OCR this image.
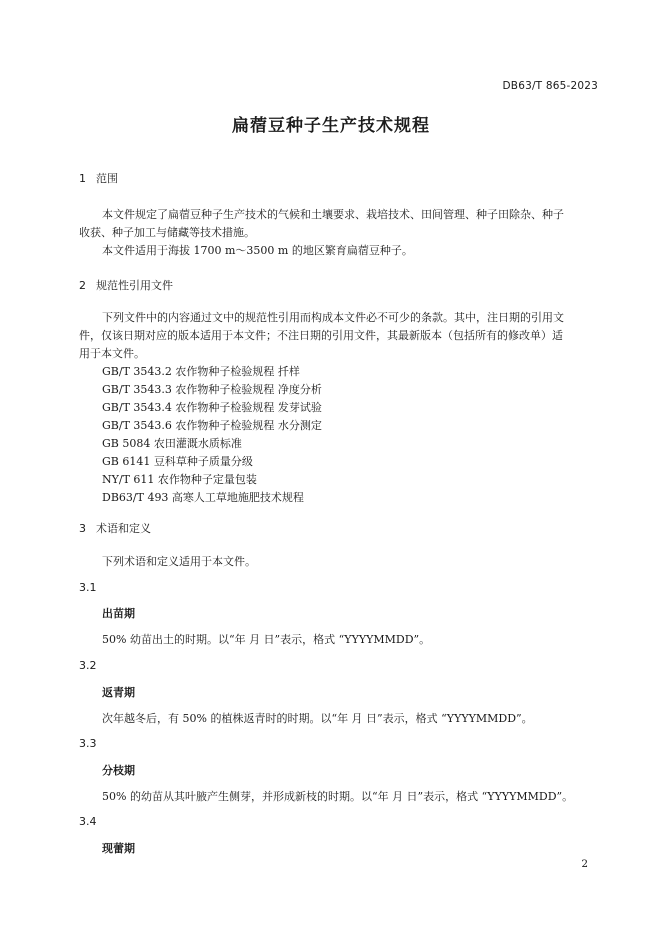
DB63/T 865-2023
扁蓿豆种子生产技术规程
1 范围
本文件规定了扁蓿豆种子生产技术的气候和土壤要求、栽培技术、田间管理、种子田除杂、种子
收获、种子加工与储藏等技术措施。
本文件适用于海拔 1700 m～3500 m 的地区繁育扁蓿豆种子。
2 规范性引用文件
下列文件中的内容通过文中的规范性引用而构成本文件必不可少的条款。其中，注日期的引用文
件，仅该日期对应的版本适用于本文件；不注日期的引用文件，其最新版本（包括所有的修改单）适
用于本文件。
GB/T 3543.2 农作物种子检验规程 扦样
GB/T 3543.3 农作物种子检验规程 净度分析
GB/T 3543.4 农作物种子检验规程 发芽试验
GB/T 3543.6 农作物种子检验规程 水分测定
GB 5084 农田灌溉水质标准
GB 6141 豆科草种子质量分级
NY/T 611 农作物种子定量包装
DB63/T 493 高寒人工草地施肥技术规程
3 术语和定义
下列术语和定义适用于本文件。
3.1
出苗期
50% 幼苗出土的时期。以“年 月 日”表示，格式 “YYYYMMDD”。
3.2
返青期
次年越冬后，有 50% 的植株返青时的时期。以“年 月 日”表示，格式 “YYYYMMDD”。
3.3
分枝期
50% 的幼苗从其叶腋产生侧芽，并形成新枝的时期。以“年 月 日”表示，格式 “YYYYMMDD”。
3.4
现蕾期
2
